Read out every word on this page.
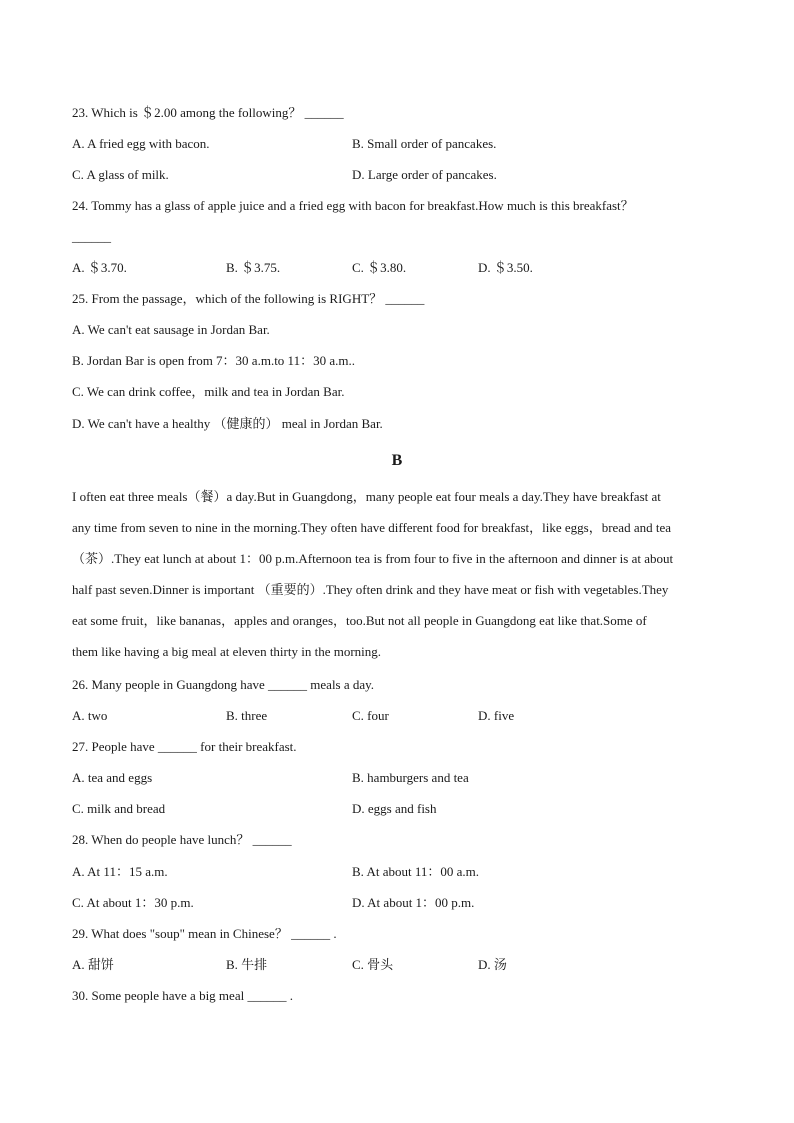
23. Which is ＄2.00 among the following？ ______
A. A fried egg with bacon.	B. Small order of pancakes.
C. A glass of milk.	D. Large order of pancakes.
24. Tommy has a glass of apple juice and a fried egg with bacon for breakfast.How much is this breakfast？
______
A. ＄3.70.	B. ＄3.75.	C. ＄3.80.	D. ＄3.50.
25. From the passage，which of the following is RIGHT？ ______
A. We can't eat sausage in Jordan Bar.
B. Jordan Bar is open from 7：30 a.m.to 11：30 a.m..
C. We can drink coffee，milk and tea in Jordan Bar.
D. We can't have a healthy （健康的） meal in Jordan Bar.
B

I often eat three meals（餐）a day.But in Guangdong，many people eat four meals a day.They have breakfast at

any time from seven to nine in the morning.They often have different food for breakfast，like eggs，bread and tea

（茶）.They eat lunch at about 1：00 p.m.Afternoon tea is from four to five in the afternoon and dinner is at about

half past seven.Dinner is important （重要的）.They often drink and they have meat or fish with vegetables.They

eat some fruit，like bananas，apples and oranges，too.But not all people in Guangdong eat like that.Some of

them like having a big meal at eleven thirty in the morning.

26. Many people in Guangdong have ______ meals a day.
A. two	B. three	C. four	D. five
27. People have ______ for their breakfast.
A. tea and eggs	B. hamburgers and tea
C. milk and bread	D. eggs and fish
28. When do people have lunch？ ______
A. At 11：15 a.m.	B. At about 11：00 a.m.
C. At about 1：30 p.m.	D. At about 1：00 p.m.
29. What does "soup" mean in Chinese？ ______ .
A. 甜饼	B. 牛排	C. 骨头	D. 汤
30. Some people have a big meal ______ .
